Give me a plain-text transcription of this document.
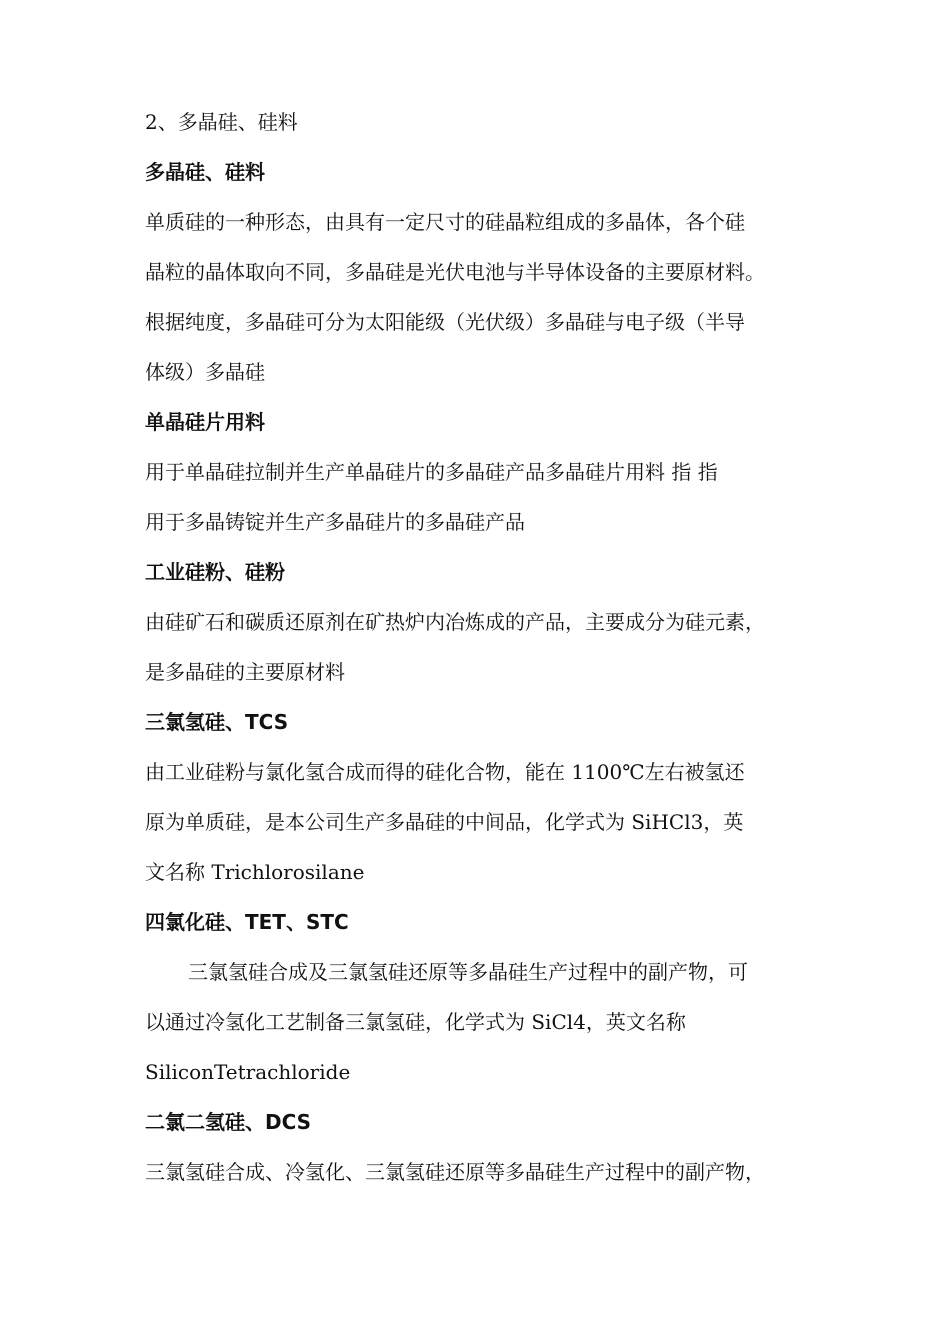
2、多晶硅、硅料
多晶硅、硅料
单质硅的一种形态，由具有一定尺寸的硅晶粒组成的多晶体，各个硅
晶粒的晶体取向不同，多晶硅是光伏电池与半导体设备的主要原材料。
根据纯度，多晶硅可分为太阳能级（光伏级）多晶硅与电子级（半导
体级）多晶硅
单晶硅片用料
用于单晶硅拉制并生产单晶硅片的多晶硅产品多晶硅片用料 指 指
用于多晶铸锭并生产多晶硅片的多晶硅产品
工业硅粉、硅粉
由硅矿石和碳质还原剂在矿热炉内冶炼成的产品，主要成分为硅元素，
是多晶硅的主要原材料
三氯氢硅、TCS
由工业硅粉与氯化氢合成而得的硅化合物，能在 1100℃左右被氢还
原为单质硅，是本公司生产多晶硅的中间品，化学式为 SiHCl3，英
文名称 Trichlorosilane
四氯化硅、TET、STC
三氯氢硅合成及三氯氢硅还原等多晶硅生产过程中的副产物，可
以通过冷氢化工艺制备三氯氢硅，化学式为 SiCl4，英文名称
SiliconTetrachloride
二氯二氢硅、DCS
三氯氢硅合成、冷氢化、三氯氢硅还原等多晶硅生产过程中的副产物，
